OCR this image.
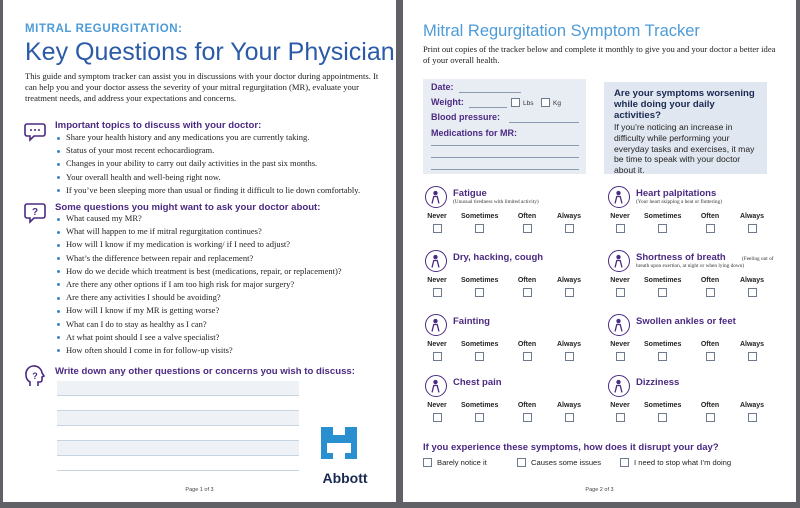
MITRAL REGURGITATION:
Key Questions for Your Physician
This guide and symptom tracker can assist you in discussions with your doctor during appointments. It can help you and your doctor assess the severity of your mitral regurgitation (MR), evaluate your treatment needs, and address your expectations and concerns.
Important topics to discuss with your doctor:
Share your health history and any medications you are currently taking.
Status of your most recent echocardiogram.
Changes in your ability to carry out daily activities in the past six months.
Your overall health and well-being right now.
If you’ve been sleeping more than usual or finding it difficult to lie down comfortably.
? Some questions you might want to ask your doctor about:
What caused my MR?
What will happen to me if mitral regurgitation continues?
How will I know if my medication is working/ if I need to adjust?
What’s the difference between repair and replacement?
How do we decide which treatment is best (medications, repair, or replacement)?
Are there any other options if I am too high risk for major surgery?
Are there any activities I should be avoiding?
How will I know if my MR is getting worse?
What can I do to stay as healthy as I can?
At what point should I see a valve specialist?
How often should I come in for follow-up visits?
? Write down any other questions or concerns you wish to discuss:
Abbott
Page 1 of 3
Mitral Regurgitation Symptom Tracker
Print out copies of the tracker below and complete it monthly to give you and your doctor a better idea of your overall health.
Date:
Weight:	Lbs	Kg
Blood pressure:
Medications for MR:
Are your symptoms worsening while doing your daily activities?
If you’re noticing an increase in difficulty while performing your everyday tasks and exercises, it may be time to speak with your doctor about it.
Fatigue
(Unusual tiredness with limited activity)
Never	Sometimes	Often	Always
Heart palpitations
(Your heart skipping a beat or fluttering)
Never	Sometimes	Often	Always
Dry, hacking, cough
Never	Sometimes	Often	Always
Shortness of breath	(Feeling out of
breath upon exertion, at night or when lying down)
Never	Sometimes	Often	Always
Fainting
Never	Sometimes	Often	Always
Swollen ankles or feet
Never	Sometimes	Often	Always
Chest pain
Never	Sometimes	Often	Always
Dizziness
Never	Sometimes	Often	Always
If you experience these symptoms, how does it disrupt your day?
Barely notice it	Causes some issues	I need to stop what I’m doing
Page 2 of 3
